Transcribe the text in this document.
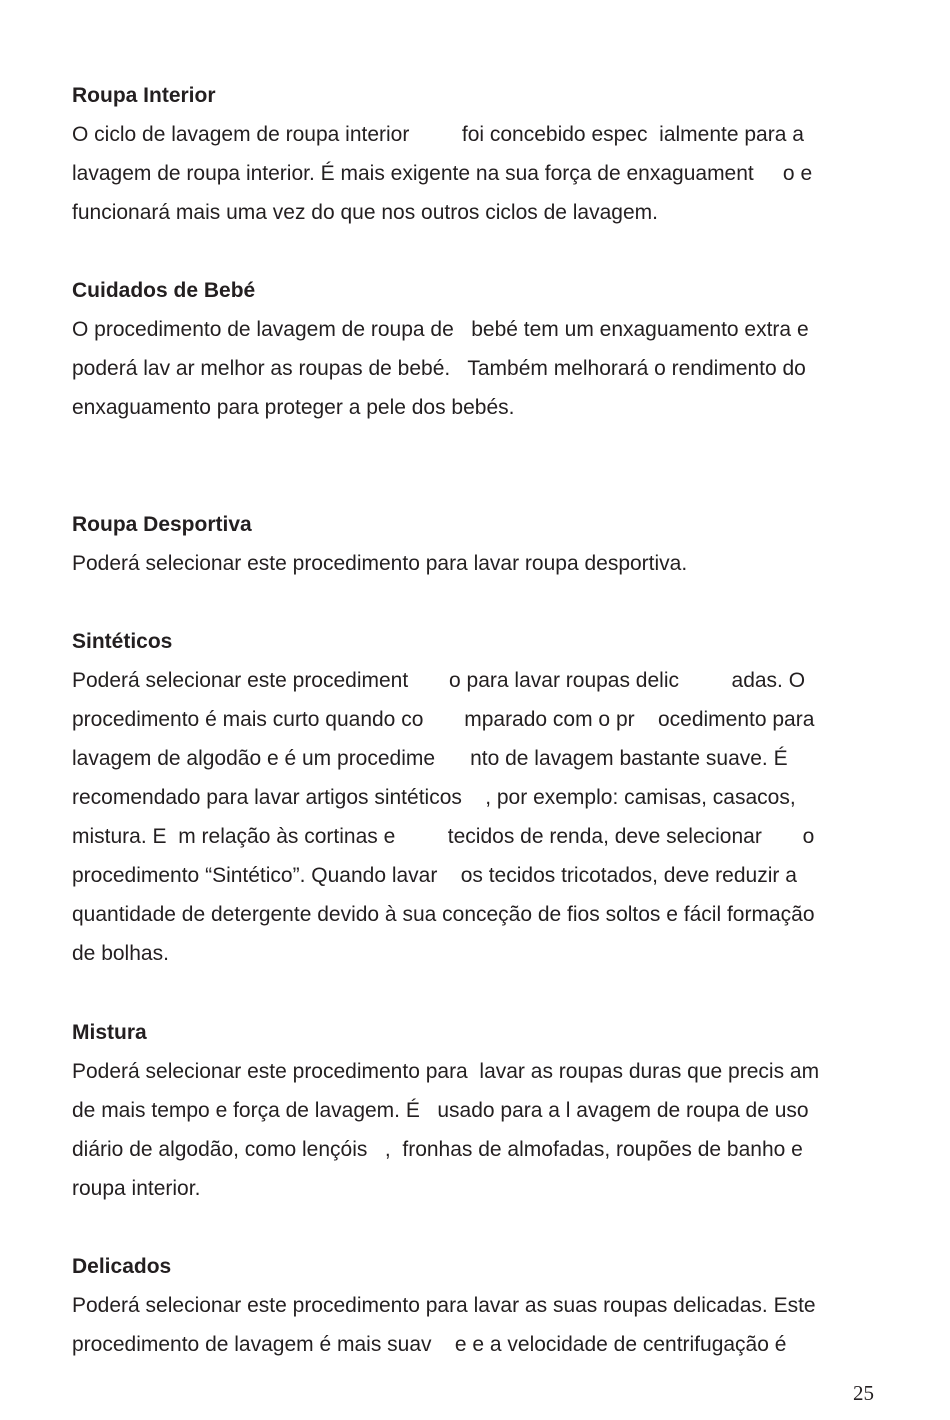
Roupa Interior
O ciclo de lavagem de roupa interior         foi concebido espec  ialmente para a
lavagem de roupa interior. É mais exigente na sua força de enxaguament     o e
funcionará mais uma vez do que nos outros ciclos de lavagem.
Cuidados de Bebé
O procedimento de lavagem de roupa de   bebé tem um enxaguamento extra e
poderá lav ar melhor as roupas de bebé.   Também melhorará o rendimento do
enxaguamento para proteger a pele dos bebés.
Roupa Desportiva
Poderá selecionar este procedimento para lavar roupa desportiva.
Sintéticos
Poderá selecionar este procediment       o para lavar roupas delic         adas. O
procedimento é mais curto quando co       mparado com o pr    ocedimento para
lavagem de algodão e é um procedime      nto de lavagem bastante suave. É
recomendado para lavar artigos sintéticos    , por exemplo: camisas, casacos,
mistura. E  m relação às cortinas e         tecidos de renda, deve selecionar       o
procedimento “Sintético”. Quando lavar    os tecidos tricotados, deve reduzir a
quantidade de detergente devido à sua conceção de fios soltos e fácil formação
de bolhas.
Mistura
Poderá selecionar este procedimento para  lavar as roupas duras que precis am
de mais tempo e força de lavagem. É   usado para a l avagem de roupa de uso
diário de algodão, como lençóis   ,  fronhas de almofadas, roupões de banho e
roupa interior.
Delicados
Poderá selecionar este procedimento para lavar as suas roupas delicadas. Este
procedimento de lavagem é mais suav    e e a velocidade de centrifugação é
25
